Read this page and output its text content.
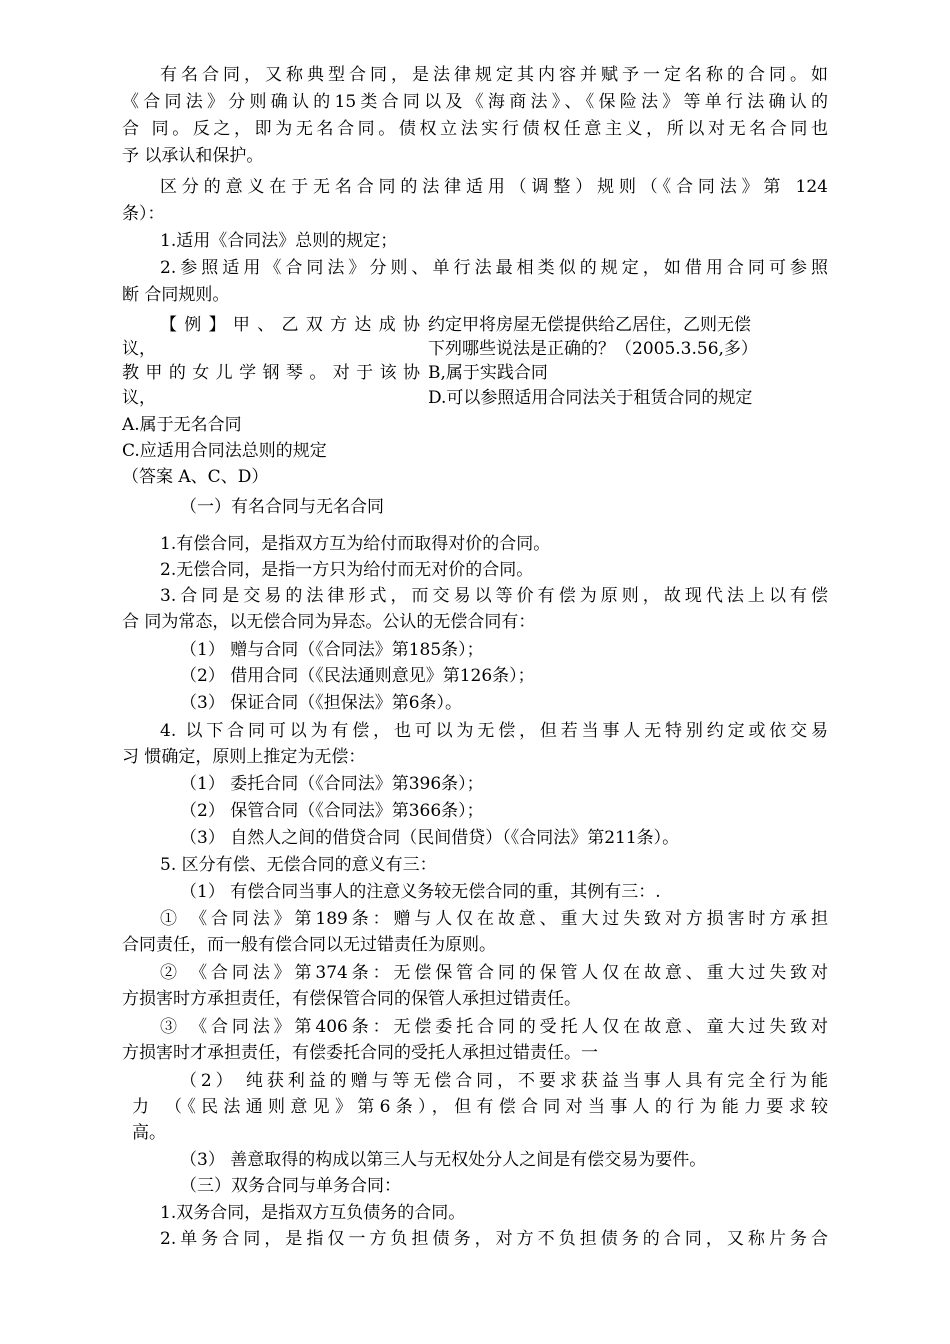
有名合同，又称典型合同，是法律规定其内容并赋予一定名称的合同。如
《合同法》分则确认的15类合同以及《海商法》、《保险法》等单行法确认的
合 同。反之，即为无名合同。债权立法实行债权任意主义，所以对无名合同也
予 以承认和保护。
区分的意义在于无名合同的法律适用（调整）规则（《合同法》第 124
条）：
1.适用《合同法》总则的规定；
2.参照适用《合同法》分则、单行法最相类似的规定，如借用合同可参照
断 合同规则。
【例】甲、乙双方达成协
议，
教甲的女儿学钢琴。对于该协
议，
约定甲将房屋无偿提供给乙居住，乙则无偿
下列哪些说法是正确的？（2005.3.56,多）
B,属于实践合同
D.可以参照适用合同法关于租赁合同的规定
A.属于无名合同
C.应适用合同法总则的规定
（答案 A、C、D）
（一）有名合同与无名合同
1.有偿合同，是指双方互为给付而取得对价的合同。
2.无偿合同，是指一方只为给付而无对价的合同。
3.合同是交易的法律形式，而交易以等价有偿为原则，故现代法上以有偿
合 同为常态，以无偿合同为异态。公认的无偿合同有：
（1） 赠与合同（《合同法》第185条）；
（2） 借用合同（《民法通则意见》第126条）；
（3） 保证合同（《担保法》第6条）。
4. 以下合同可以为有偿，也可以为无偿，但若当事人无特别约定或依交易
习 惯确定，原则上推定为无偿：
（1） 委托合同（《合同法》第396条）；
（2） 保管合同（《合同法》第366条）；
（3） 自然人之间的借贷合同（民间借贷）（《合同法》第211条）。
5. 区分有偿、无偿合同的意义有三：
（1） 有偿合同当事人的注意义务较无偿合同的重，其例有三：.
① 《合同法》第189条：赠与人仅在故意、重大过失致对方损害时方承担
合同责任，而一般有偿合同以无过错责任为原则。
② 《合同法》第374条：无偿保管合同的保管人仅在故意、重大过失致对
方损害时方承担责任，有偿保管合同的保管人承担过错责任。
③ 《合同法》第406条：无偿委托合同的受托人仅在故意、童大过失致对
方损害时才承担责任，有偿委托合同的受托人承担过错责任。一
（2） 纯获利益的赠与等无偿合同，不要求获益当事人具有完全行为能
力 （《民法通则意见》第6条），但有偿合同对当事人的行为能力要求较
高。
（3） 善意取得的构成以第三人与无权处分人之间是有偿交易为要件。
（三）双务合同与单务合同：
1.双务合同，是指双方互负债务的合同。
2.单务合同，是指仅一方负担债务，对方不负担债务的合同，又称片务合
